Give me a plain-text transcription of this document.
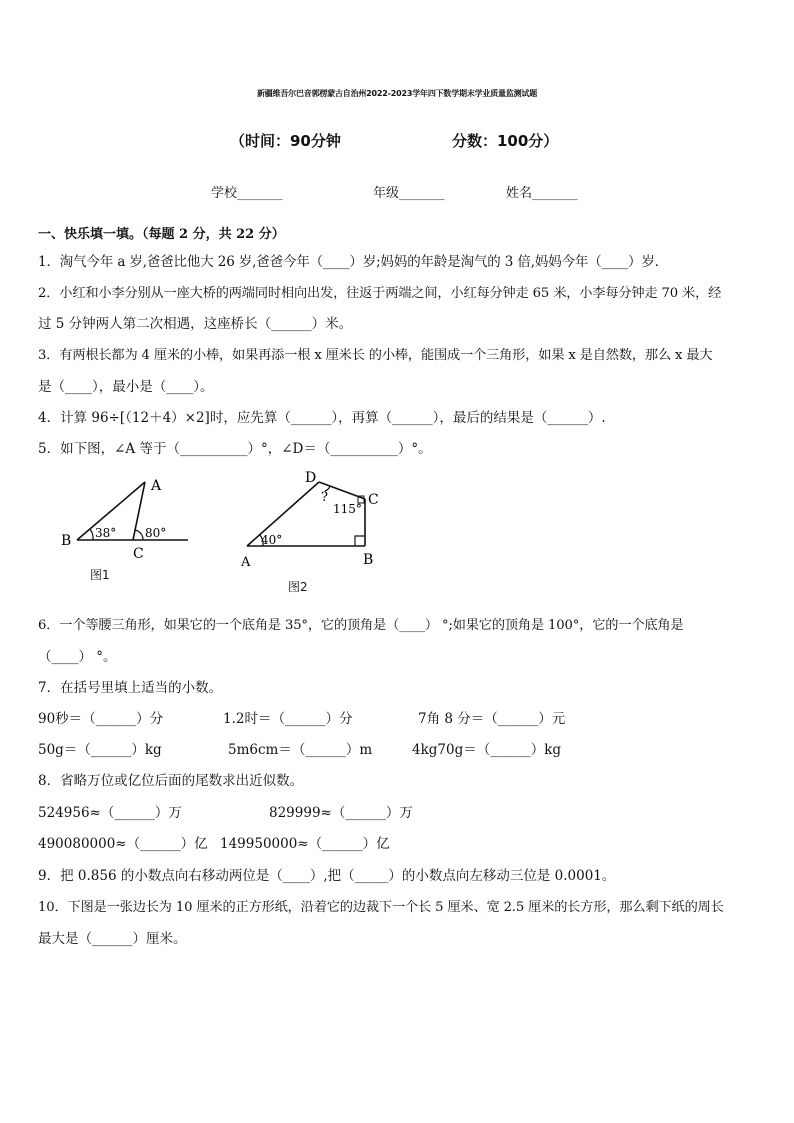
新疆维吾尔巴音郭楞蒙古自治州2022-2023学年四下数学期末学业质量监测试题
（时间：90分钟	分数：100分）
学校_______	年级_______	姓名_______
一、快乐填一填。（每题 2 分，共 22 分）
1．淘气今年 a 岁,爸爸比他大 26 岁,爸爸今年（____）岁;妈妈的年龄是淘气的 3 倍,妈妈今年（____）岁．
2．小红和小李分别从一座大桥的两端同时相向出发，往返于两端之间，小红每分钟走 65 米，小李每分钟走 70 米，经
过 5 分钟两人第二次相遇，这座桥长（______）米。
3．有两根长都为 4 厘米的小棒，如果再添一根 x 厘米长 的小棒，能围成一个三角形，如果 x 是自然数，那么 x 最大
是（____），最小是（____）。
4．计算 96÷[（12＋4）×2]时，应先算（______），再算（______），最后的结果是（______）.
5．如下图，∠A 等于（__________）°，∠D＝（__________）°。
A
B
C
38° 80°
图1
D
C
A	B
40°
115°
?
图2
6．一个等腰三角形，如果它的一个底角是 35°，它的顶角是（____） °;如果它的顶角是 100°，它的一个底角是
（____） °。
7．在括号里填上适当的小数。
90秒＝（______）分	1.2时＝（______）分	7角 8 分＝（______）元
50g＝（______）kg	5m6cm＝（______）m	4kg70g＝（______）kg
8．省略万位或亿位后面的尾数求出近似数。
524956≈（______）万	829999≈（______）万
490080000≈（______）亿 149950000≈（______）亿
9．把 0.856 的小数点向右移动两位是（____）,把（_____）的小数点向左移动三位是 0.0001。
10．下图是一张边长为 10 厘米的正方形纸，沿着它的边裁下一个长 5 厘米、宽 2.5 厘米的长方形，那么剩下纸的周长
最大是（______）厘米。
